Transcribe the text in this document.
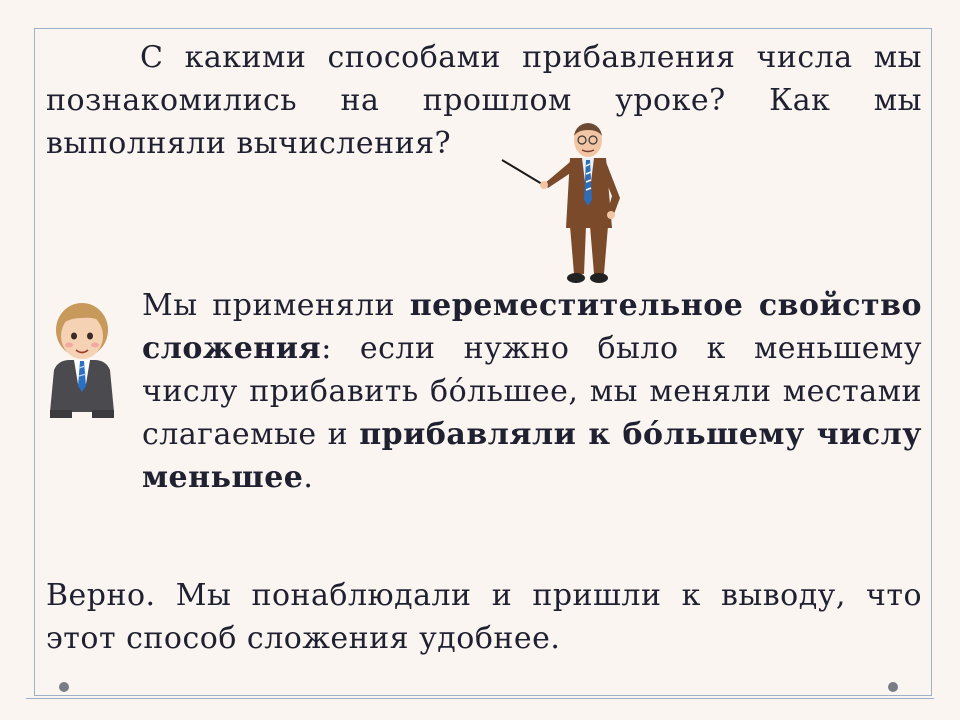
С какими способами прибавления числа мы познакомились на прошлом уроке? Как мы выполняли вычисления?

Мы применяли переместительное свойство сложения: если нужно было к меньшему числу прибавить бо́льшее, мы меняли местами слагаемые и прибавляли к бо́льшему числу меньшее.

Верно. Мы понаблюдали и пришли к выводу, что этот способ сложения удобнее.
